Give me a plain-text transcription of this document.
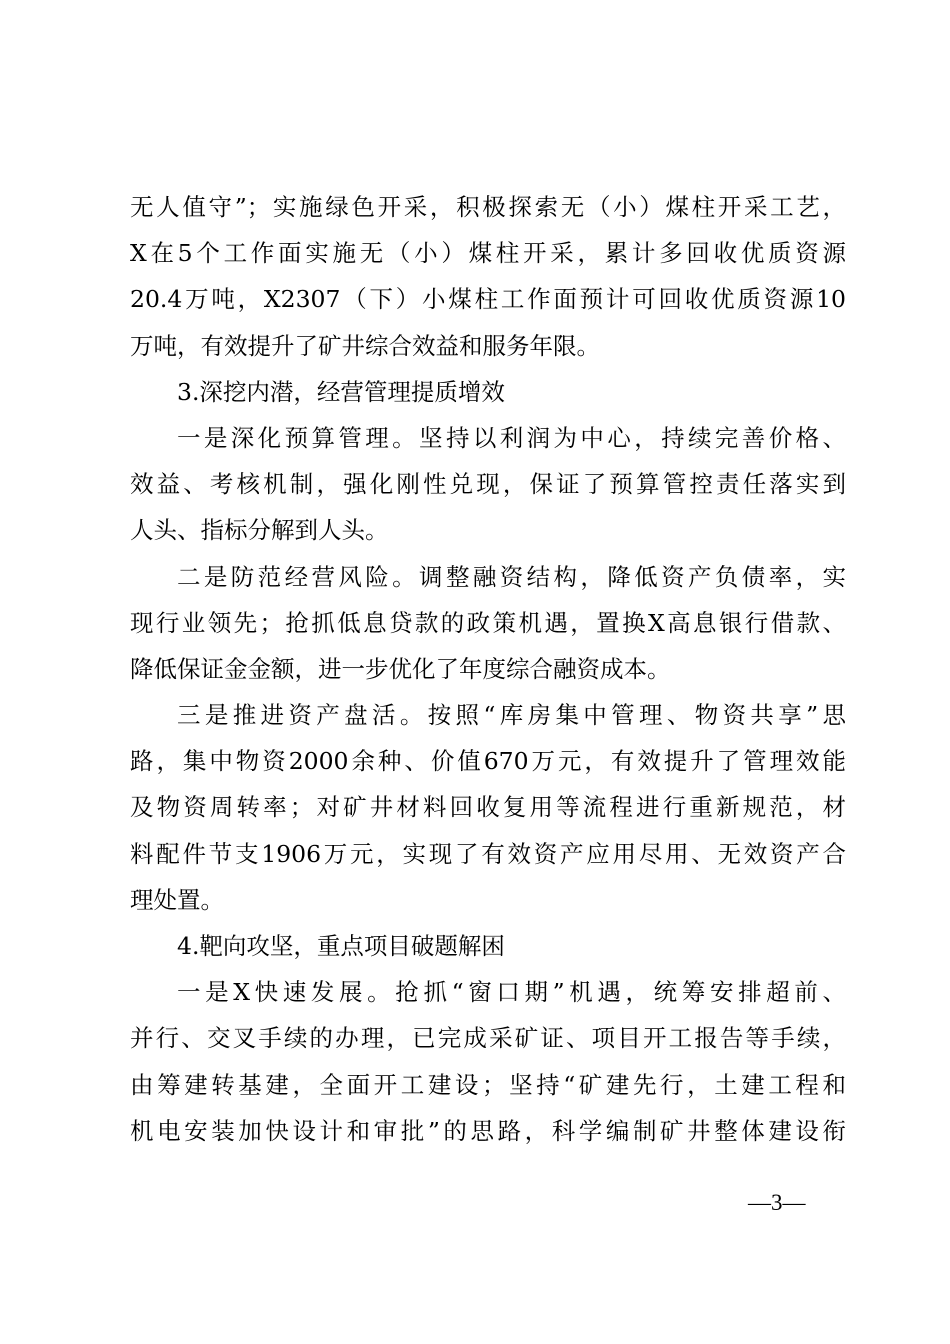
无人值守”；实施绿色开采，积极探索无（小）煤柱开采工艺，
X在5个工作面实施无（小）煤柱开采，累计多回收优质资源
20.4万吨，X2307（下）小煤柱工作面预计可回收优质资源10
万吨，有效提升了矿井综合效益和服务年限。
3.深挖内潜，经营管理提质增效
一是深化预算管理。坚持以利润为中心，持续完善价格、
效益、考核机制，强化刚性兑现，保证了预算管控责任落实到
人头、指标分解到人头。
二是防范经营风险。调整融资结构，降低资产负债率，实
现行业领先；抢抓低息贷款的政策机遇，置换X高息银行借款、
降低保证金金额，进一步优化了年度综合融资成本。
三是推进资产盘活。按照“库房集中管理、物资共享”思
路，集中物资2000余种、价值670万元，有效提升了管理效能
及物资周转率；对矿井材料回收复用等流程进行重新规范，材
料配件节支1906万元，实现了有效资产应用尽用、无效资产合
理处置。
4.靶向攻坚，重点项目破题解困
一是X快速发展。抢抓“窗口期”机遇，统筹安排超前、
并行、交叉手续的办理，已完成采矿证、项目开工报告等手续，
由筹建转基建，全面开工建设；坚持“矿建先行，土建工程和
机电安装加快设计和审批”的思路，科学编制矿井整体建设衔
—3—
